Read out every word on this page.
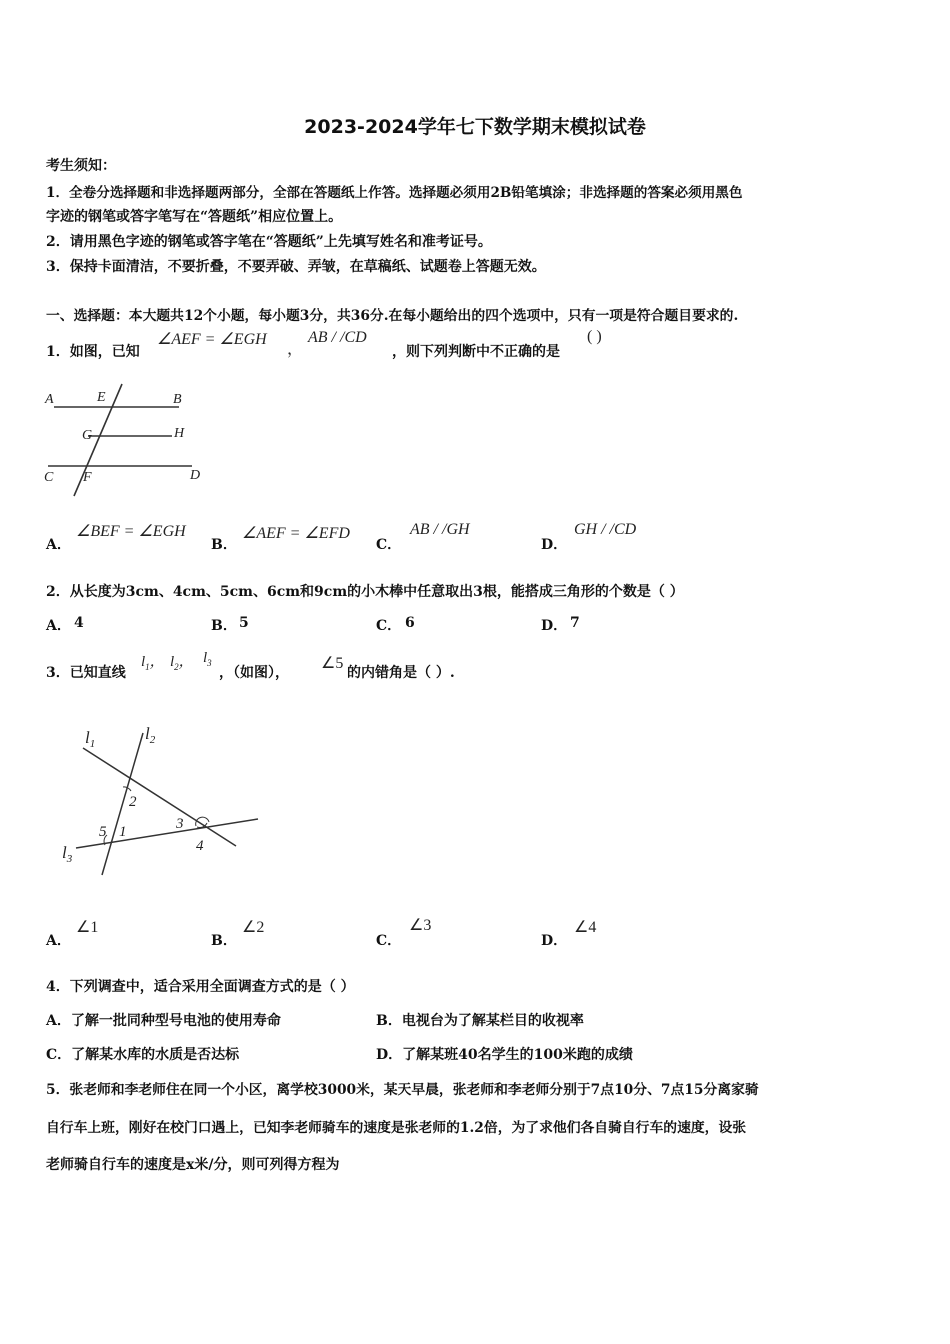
2023-2024学年七下数学期末模拟试卷
考生须知：
1．全卷分选择题和非选择题两部分，全部在答题纸上作答。选择题必须用2B铅笔填涂；非选择题的答案必须用黑色
字迹的钢笔或答字笔写在“答题纸”相应位置上。
2．请用黑色字迹的钢笔或答字笔在“答题纸”上先填写姓名和准考证号。
3．保持卡面清洁，不要折叠，不要弄破、弄皱，在草稿纸、试题卷上答题无效。
一、选择题：本大题共12个小题，每小题3分，共36分.在每小题给出的四个选项中，只有一项是符合题目要求的.
1．如图，已知
∠AEF = ∠EGH
，
AB / /CD
，则下列判断中不正确的是
( )
A	E	B
G	H
C F	D
A．
∠BEF = ∠EGH
B．
∠AEF = ∠EFD
C．
AB / /GH
D．
GH / /CD
2．从长度为3cm、4cm、5cm、6cm和9cm的小木棒中任意取出3根，能搭成三角形的个数是（ ）
A． 4	B． 5	C． 6	D． 7
3．已知直线
$l_1$， $l_2$， $l_3$
，（如图），
∠5
的内错角是（ ）.
$l_1$
$l_2$
$l_3$
2
3
4
5 1
A．
∠1
B．
∠2
C．
∠3
D．
∠4
4．下列调查中，适合采用全面调查方式的是（ ）
A．了解一批同种型号电池的使用寿命	B．电视台为了解某栏目的收视率
C．了解某水库的水质是否达标	D．了解某班40名学生的100米跑的成绩
5．张老师和李老师住在同一个小区，离学校3000米，某天早晨，张老师和李老师分别于7点10分、7点15分离家骑
自行车上班，刚好在校门口遇上，已知李老师骑车的速度是张老师的1.2倍，为了求他们各自骑自行车的速度，设张
老师骑自行车的速度是x米/分，则可列得方程为
